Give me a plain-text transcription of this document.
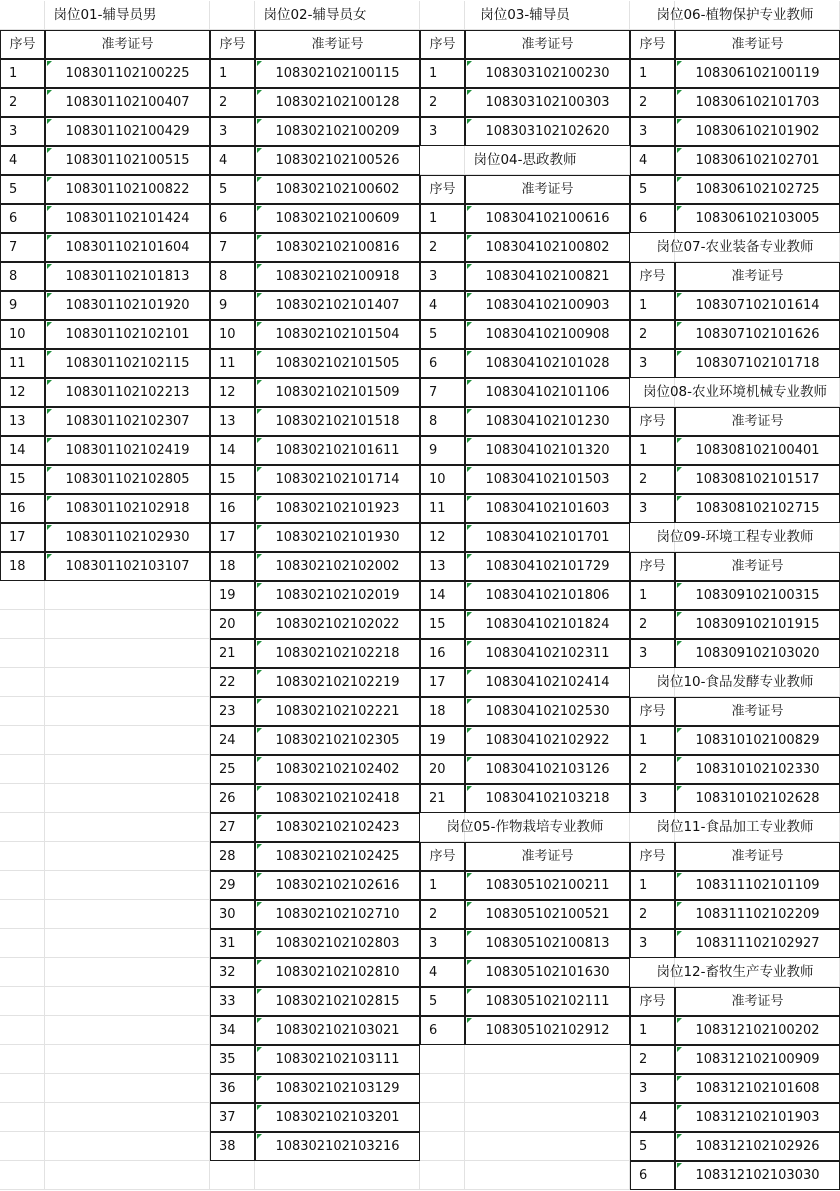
岗位01-辅导员男
序号	准考证号
1	108301102100225
2	108301102100407
3	108301102100429
4	108301102100515
5	108301102100822
6	108301102101424
7	108301102101604
8	108301102101813
9	108301102101920
10	108301102102101
11	108301102102115
12	108301102102213
13	108301102102307
14	108301102102419
15	108301102102805
16	108301102102918
17	108301102102930
18	108301102103107
岗位02-辅导员女
序号	准考证号
1	108302102100115
2	108302102100128
3	108302102100209
4	108302102100526
5	108302102100602
6	108302102100609
7	108302102100816
8	108302102100918
9	108302102101407
10	108302102101504
11	108302102101505
12	108302102101509
13	108302102101518
14	108302102101611
15	108302102101714
16	108302102101923
17	108302102101930
18	108302102102002
19	108302102102019
20	108302102102022
21	108302102102218
22	108302102102219
23	108302102102221
24	108302102102305
25	108302102102402
26	108302102102418
27	108302102102423
28	108302102102425
29	108302102102616
30	108302102102710
31	108302102102803
32	108302102102810
33	108302102102815
34	108302102103021
35	108302102103111
36	108302102103129
37	108302102103201
38	108302102103216
岗位03-辅导员
序号	准考证号
1	108303102100230
2	108303102100303
3	108303102102620
岗位04-思政教师
序号	准考证号
1	108304102100616
2	108304102100802
3	108304102100821
4	108304102100903
5	108304102100908
6	108304102101028
7	108304102101106
8	108304102101230
9	108304102101320
10	108304102101503
11	108304102101603
12	108304102101701
13	108304102101729
14	108304102101806
15	108304102101824
16	108304102102311
17	108304102102414
18	108304102102530
19	108304102102922
20	108304102103126
21	108304102103218
岗位05-作物栽培专业教师
序号	准考证号
1	108305102100211
2	108305102100521
3	108305102100813
4	108305102101630
5	108305102102111
6	108305102102912
岗位06-植物保护专业教师
序号	准考证号
1	108306102100119
2	108306102101703
3	108306102101902
4	108306102102701
5	108306102102725
6	108306102103005
岗位07-农业装备专业教师
序号	准考证号
1	108307102101614
2	108307102101626
3	108307102101718
岗位08-农业环境机械专业教师
序号	准考证号
1	108308102100401
2	108308102101517
3	108308102102715
岗位09-环境工程专业教师
序号	准考证号
1	108309102100315
2	108309102101915
3	108309102103020
岗位10-食品发酵专业教师
序号	准考证号
1	108310102100829
2	108310102102330
3	108310102102628
岗位11-食品加工专业教师
序号	准考证号
1	108311102101109
2	108311102102209
3	108311102102927
岗位12-畜牧生产专业教师
序号	准考证号
1	108312102100202
2	108312102100909
3	108312102101608
4	108312102101903
5	108312102102926
6	108312102103030
